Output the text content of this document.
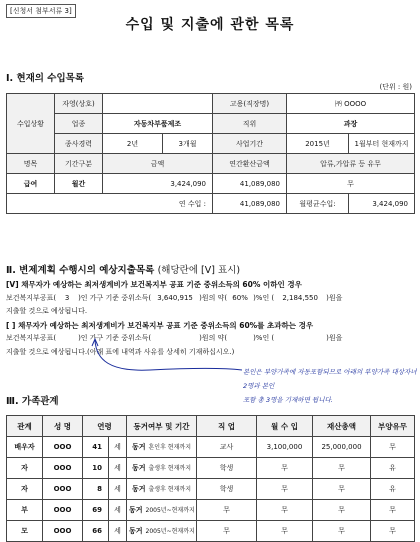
[신청서 첨부서류 3]
수입 및 지출에 관한 목록
Ⅰ. 현재의 수입목록
(단위 : 원)
수입상황	자영(상호)			고용(직장명)	㈜ OOOO	
	업종	자동차부품제조		직위	과장	
	종사경력	2년	3개월	사업기간	2015년	1월부터 현재까지
명목	기간구분	금액		연간환산금액	압류,가압류 등 유무	
급여	월간	3,424,090		41,089,080	무	
연 수입 :				41,089,080	월평균수입:	3,424,090
Ⅱ. 변제계획 수행시의 예상지출목록 (해당란에 [V] 표시)
[V] 채무자가 예상하는 최저생계비가 보건복지부 공표 기준 중위소득의 60% 이하인 경우
보건복지부공표( 3 )인 가구 기준 중위소득( 3,640,915 )원의 약( 60% )%인 ( 2,184,550 )원을
지출할 것으로 예상됩니다.
[ ] 채무자가 예상하는 최저생계비가 보건복지부 공표 기준 중위소득의 60%를 초과하는 경우
보건복지부공표(	)인 가구 기준 중위소득(	)원의 약(	)%인 (	)원을
지출할 것으로 예상됩니다.(아래 표에 내역과 사유를 상세히 기재하십시오.)
본인은 부양가족에 자동포함되므로 아래의 부양가족 대상자녀 2명과 본인
포함 총 3명을 기재하면 됩니다.
Ⅲ. 가족관계
관계	성 명	연령		동거여부 및 기간	직 업	월 수 입	재산총액	부양유무
배우자	OOO	41	세	동거 혼인후 현재까지	교사	3,100,000	25,000,000	무
자	OOO	10	세	동거 출생후 현재까지	학생	무	무	유
자	OOO	8	세	동거 출생후 현재까지	학생	무	무	유
부	OOO	69	세	동거 2005년~현재까지	무	무	무	무
모	OOO	66	세	동거 2005년~현재까지	무	무	무	무
